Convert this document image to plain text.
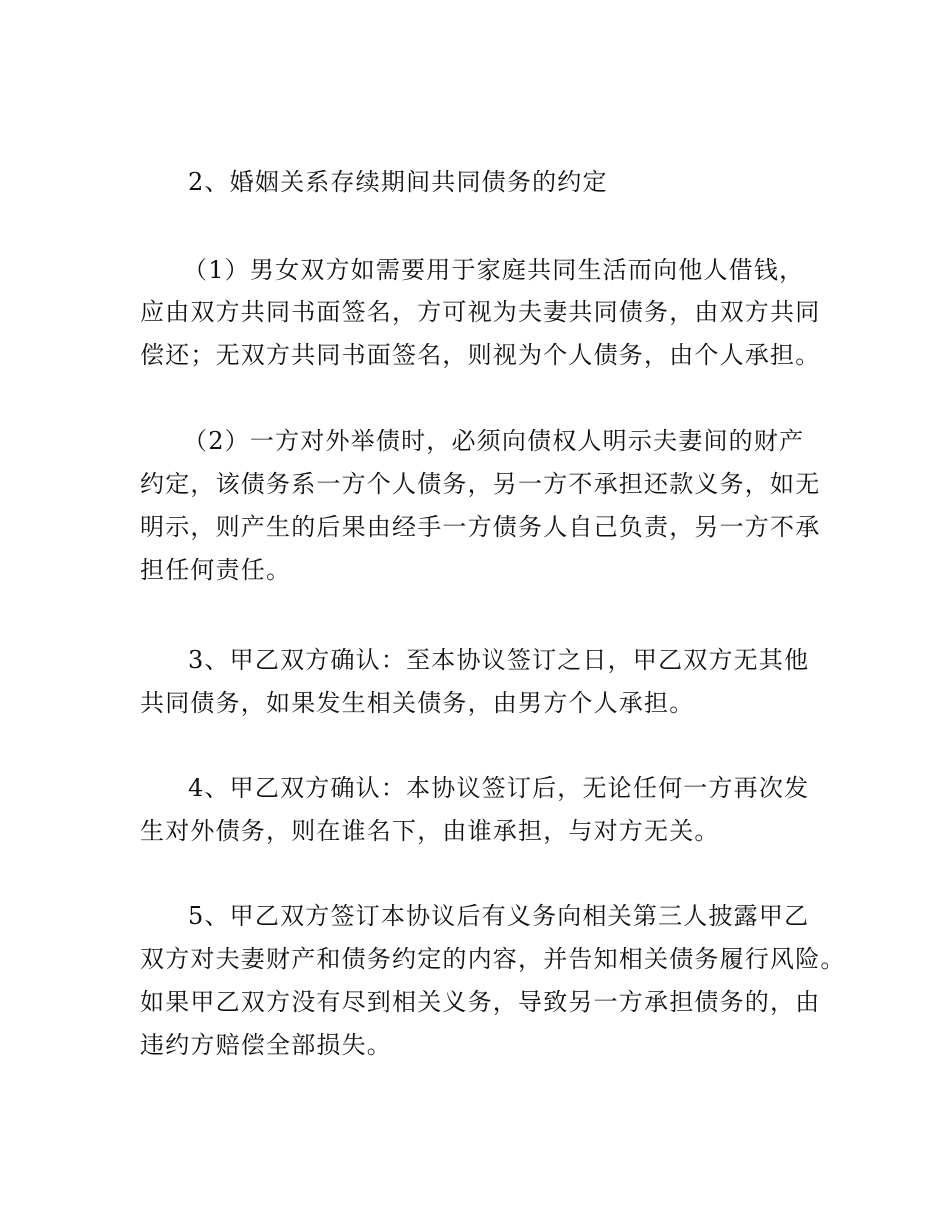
2、婚姻关系存续期间共同债务的约定
（1）男女双方如需要用于家庭共同生活而向他人借钱，
应由双方共同书面签名，方可视为夫妻共同债务，由双方共同
偿还；无双方共同书面签名，则视为个人债务，由个人承担。
（2）一方对外举债时，必须向债权人明示夫妻间的财产
约定，该债务系一方个人债务，另一方不承担还款义务，如无
明示，则产生的后果由经手一方债务人自己负责，另一方不承
担任何责任。
3、甲乙双方确认：至本协议签订之日，甲乙双方无其他
共同债务，如果发生相关债务，由男方个人承担。
4、甲乙双方确认：本协议签订后，无论任何一方再次发
生对外债务，则在谁名下，由谁承担，与对方无关。
5、甲乙双方签订本协议后有义务向相关第三人披露甲乙
双方对夫妻财产和债务约定的内容，并告知相关债务履行风险。
如果甲乙双方没有尽到相关义务，导致另一方承担债务的，由
违约方赔偿全部损失。
